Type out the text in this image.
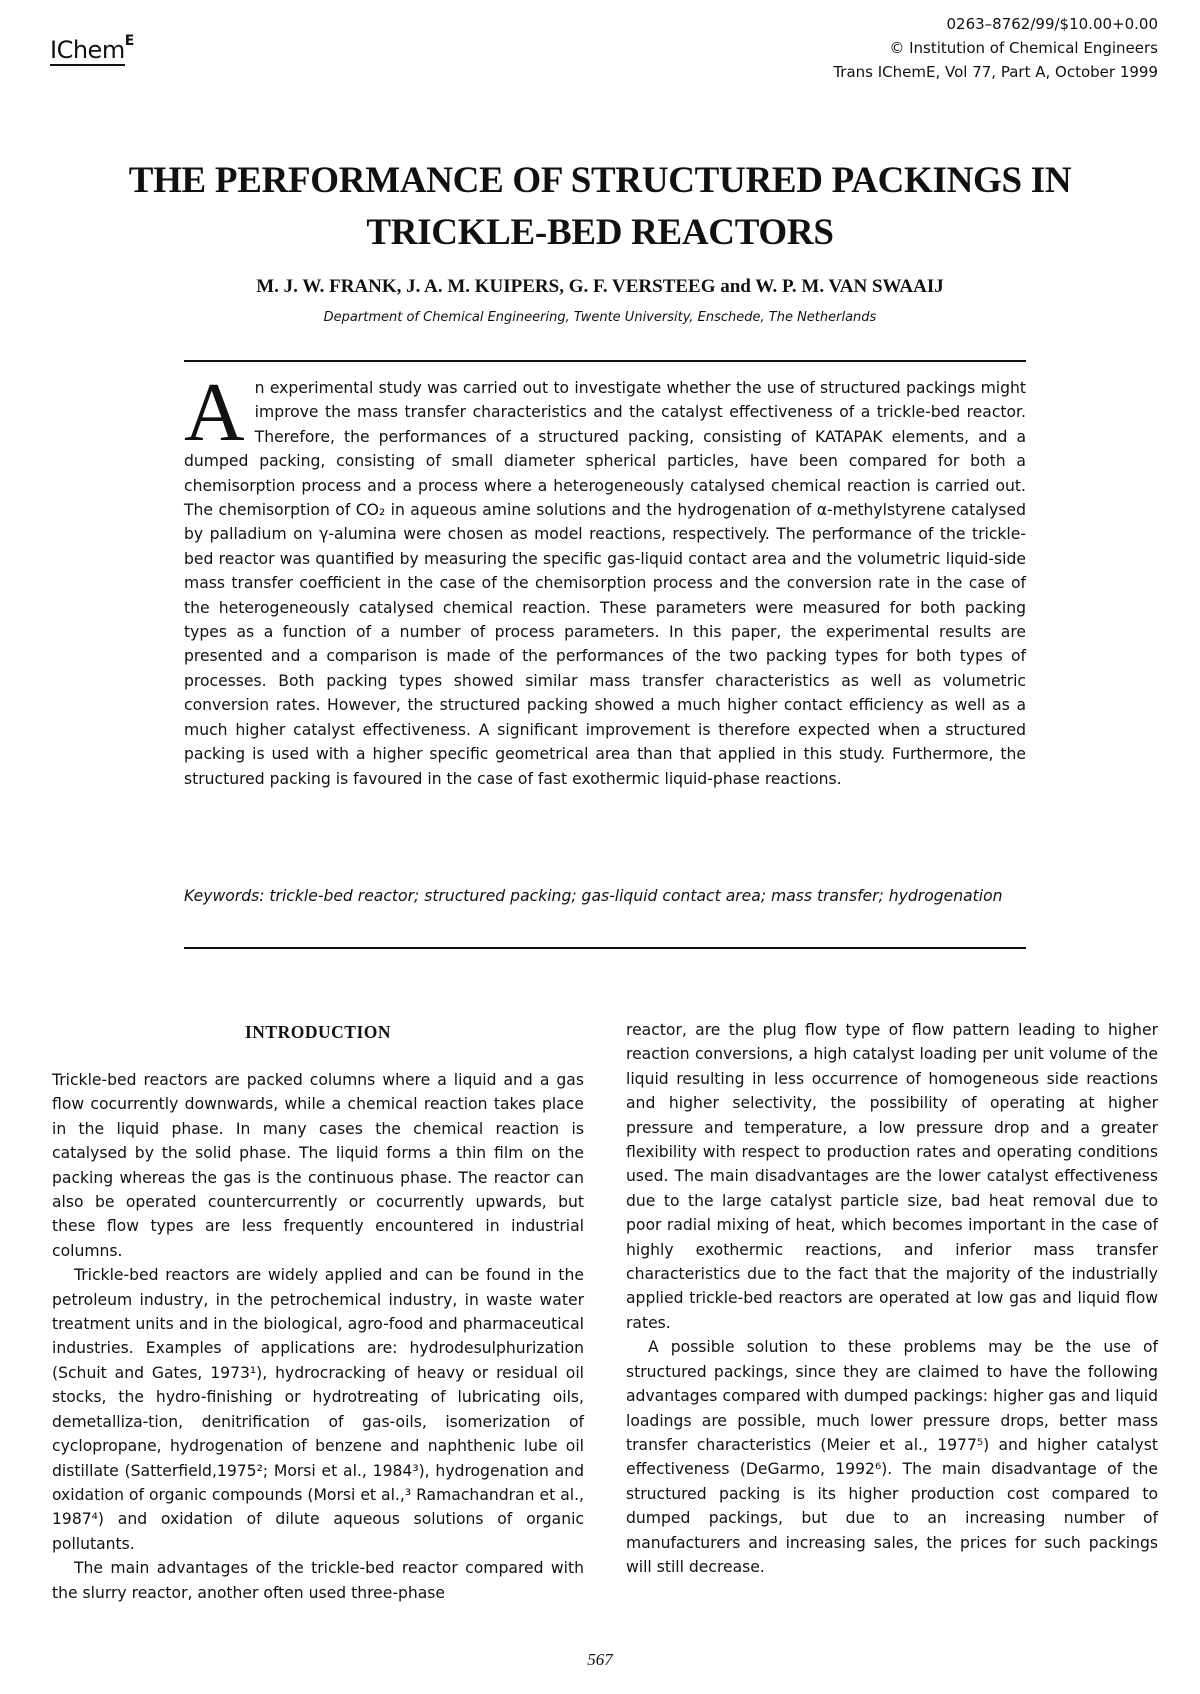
IChem$^E$
0263–8762/99/$10.00+0.00
© Institution of Chemical Engineers
Trans IChemE, Vol 77, Part A, October 1999
THE PERFORMANCE OF STRUCTURED PACKINGS IN
TRICKLE-BED REACTORS
M. J. W. FRANK, J. A. M. KUIPERS, G. F. VERSTEEG and W. P. M. VAN SWAAIJ
Department of Chemical Engineering, Twente University, Enschede, The Netherlands
An experimental study was carried out to investigate whether the use of structured packings might improve the mass transfer characteristics and the catalyst effectiveness of a trickle-bed reactor. Therefore, the performances of a structured packing, consisting of KATAPAK elements, and a dumped packing, consisting of small diameter spherical particles, have been compared for both a chemisorption process and a process where a heterogeneously catalysed chemical reaction is carried out. The chemisorption of CO₂ in aqueous amine solutions and the hydrogenation of α-methylstyrene catalysed by palladium on γ-alumina were chosen as model reactions, respectively. The performance of the trickle-bed reactor was quantified by measuring the specific gas-liquid contact area and the volumetric liquid-side mass transfer coefficient in the case of the chemisorption process and the conversion rate in the case of the heterogeneously catalysed chemical reaction. These parameters were measured for both packing types as a function of a number of process parameters. In this paper, the experimental results are presented and a comparison is made of the performances of the two packing types for both types of processes. Both packing types showed similar mass transfer characteristics as well as volumetric conversion rates. However, the structured packing showed a much higher contact efficiency as well as a much higher catalyst effectiveness. A significant improvement is therefore expected when a structured packing is used with a higher specific geometrical area than that applied in this study. Furthermore, the structured packing is favoured in the case of fast exothermic liquid-phase reactions.
Keywords: trickle-bed reactor; structured packing; gas-liquid contact area; mass transfer; hydrogenation
INTRODUCTION

Trickle-bed reactors are packed columns where a liquid and a gas flow cocurrently downwards, while a chemical reaction takes place in the liquid phase. In many cases the chemical reaction is catalysed by the solid phase. The liquid forms a thin film on the packing whereas the gas is the continuous phase. The reactor can also be operated countercurrently or cocurrently upwards, but these flow types are less frequently encountered in industrial columns.

Trickle-bed reactors are widely applied and can be found in the petroleum industry, in the petrochemical industry, in waste water treatment units and in the biological, agro-food and pharmaceutical industries. Examples of applications are: hydrodesulphurization (Schuit and Gates, 1973¹), hydrocracking of heavy or residual oil stocks, the hydro-finishing or hydrotreating of lubricating oils, demetalliza-tion, denitrification of gas-oils, isomerization of cyclopropane, hydrogenation of benzene and naphthenic lube oil distillate (Satterfield,1975²; Morsi et al., 1984³), hydrogenation and oxidation of organic compounds (Morsi et al.,³ Ramachandran et al., 1987⁴) and oxidation of dilute aqueous solutions of organic pollutants.

The main advantages of the trickle-bed reactor compared with the slurry reactor, another often used three-phase

reactor, are the plug flow type of flow pattern leading to higher reaction conversions, a high catalyst loading per unit volume of the liquid resulting in less occurrence of homogeneous side reactions and higher selectivity, the possibility of operating at higher pressure and temperature, a low pressure drop and a greater flexibility with respect to production rates and operating conditions used. The main disadvantages are the lower catalyst effectiveness due to the large catalyst particle size, bad heat removal due to poor radial mixing of heat, which becomes important in the case of highly exothermic reactions, and inferior mass transfer characteristics due to the fact that the majority of the industrially applied trickle-bed reactors are operated at low gas and liquid flow rates.

A possible solution to these problems may be the use of structured packings, since they are claimed to have the following advantages compared with dumped packings: higher gas and liquid loadings are possible, much lower pressure drops, better mass transfer characteristics (Meier et al., 1977⁵) and higher catalyst effectiveness (DeGarmo, 1992⁶). The main disadvantage of the structured packing is its higher production cost compared to dumped packings, but due to an increasing number of manufacturers and increasing sales, the prices for such packings will still decrease.

567
